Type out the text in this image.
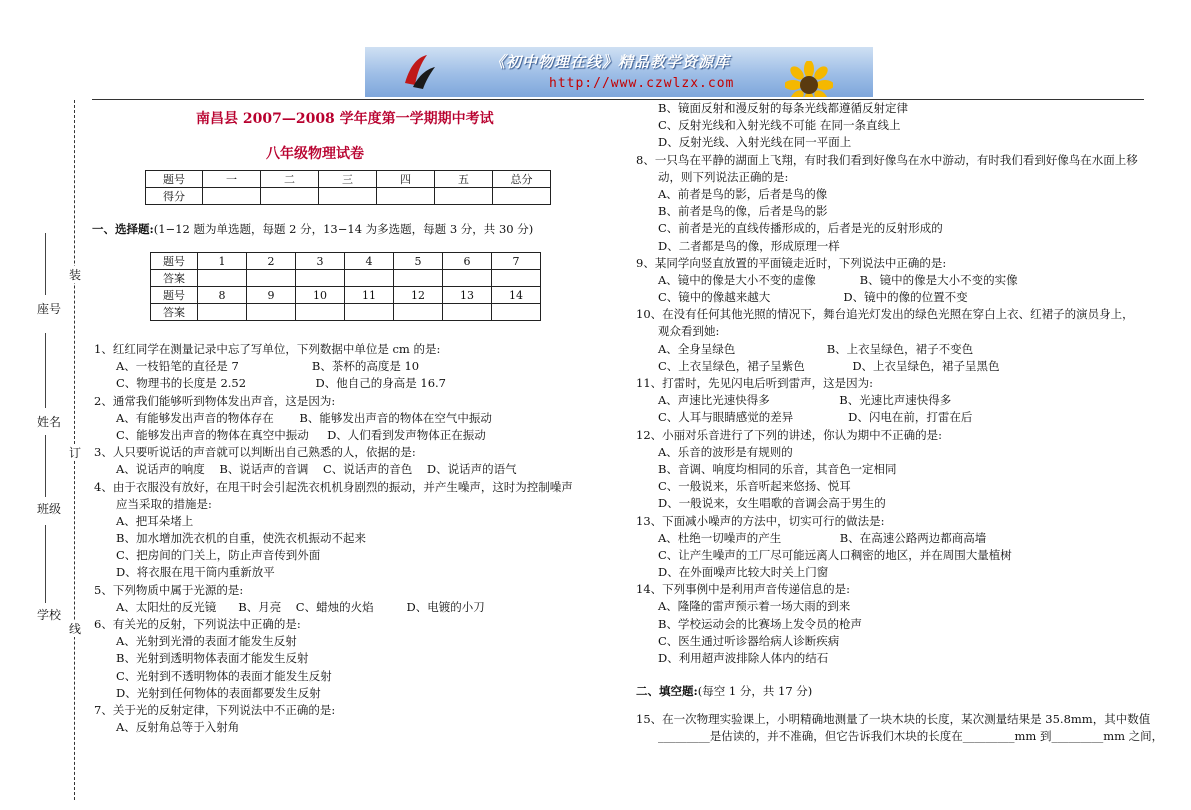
《初中物理在线》精品教学资源库
http://www.czwlzx.com
座号
姓名
班级
学校
装
订
线
南昌县 2007—2008 学年度第一学期期中考试
八年级物理试卷
题号	一	二	三	四	五	总分
得分						
一、选择题:(1−12 题为单选题，每题 2 分，13−14 为多选题，每题 3 分，共 30 分)
题号	1	2	3	4	5	6	7
答案							
题号	8	9	10	11	12	13	14
答案							
1、红红同学在测量记录中忘了写单位，下列数据中单位是 cm 的是:
A、一枝铅笔的直径是 7                    B、茶杯的高度是 10
C、物理书的长度是 2.52                   D、他自己的身高是 16.7
2、通常我们能够听到物体发出声音，这是因为:
A、有能够发出声音的物体存在       B、能够发出声音的物体在空气中振动
C、能够发出声音的物体在真空中振动     D、人们看到发声物体正在振动
3、人只要听说话的声音就可以判断出自己熟悉的人，依据的是:
A、说话声的响度    B、说话声的音调    C、说话声的音色    D、说话声的语气
4、由于衣服没有放好，在甩干时会引起洗衣机机身剧烈的振动，并产生噪声，这时为控制噪声
应当采取的措施是:
A、把耳朵堵上
B、加水增加洗衣机的自重，使洗衣机振动不起来
C、把房间的门关上，防止声音传到外面
D、将衣服在甩干筒内重新放平
5、下列物质中属于光源的是:
A、太阳灶的反光镜      B、月亮    C、蜡烛的火焰         D、电镀的小刀
6、有关光的反射，下列说法中正确的是:
A、光射到光滑的表面才能发生反射
B、光射到透明物体表面才能发生反射
C、光射到不透明物体的表面才能发生反射
D、光射到任何物体的表面都要发生反射
7、关于光的反射定律，下列说法中不正确的是:
A、反射角总等于入射角
B、镜面反射和漫反射的每条光线都遵循反射定律
C、反射光线和入射光线不可能 在同一条直线上
D、反射光线、入射光线在同一平面上
8、一只鸟在平静的湖面上飞翔，有时我们看到好像鸟在水中游动，有时我们看到好像鸟在水面上移
动，则下列说法正确的是:
A、前者是鸟的影，后者是鸟的像
B、前者是鸟的像，后者是鸟的影
C、前者是光的直线传播形成的，后者是光的反射形成的
D、二者都是鸟的像，形成原理一样
9、某同学向竖直放置的平面镜走近时，下列说法中正确的是:
A、镜中的像是大小不变的虚像            B、镜中的像是大小不变的实像
C、镜中的像越来越大                    D、镜中的像的位置不变
10、在没有任何其他光照的情况下，舞台追光灯发出的绿色光照在穿白上衣、红裙子的演员身上，
观众看到她:
A、全身呈绿色                         B、上衣呈绿色，裙子不变色
C、上衣呈绿色，裙子呈紫色             D、上衣呈绿色，裙子呈黑色
11、打雷时，先见闪电后听到雷声，这是因为:
A、声速比光速快得多                   B、光速比声速快得多
C、人耳与眼睛感觉的差异               D、闪电在前，打雷在后
12、小丽对乐音进行了下列的讲述，你认为期中不正确的是:
A、乐音的波形是有规则的
B、音调、响度均相同的乐音，其音色一定相同
C、一般说来，乐音听起来悠扬、悦耳
D、一般说来，女生唱歌的音调会高于男生的
13、下面减小噪声的方法中，切实可行的做法是:
A、杜绝一切噪声的产生                B、在高速公路两边都商高墙
C、让产生噪声的工厂尽可能远离人口稠密的地区，并在周围大量植树
D、在外面噪声比较大时关上门窗
14、下列事例中是利用声音传递信息的是:
A、隆隆的雷声预示着一场大雨的到来
B、学校运动会的比赛场上发令员的枪声
C、医生通过听诊器给病人诊断疾病
D、利用超声波排除人体内的结石
二、填空题:(每空 1 分，共 17 分)
15、在一次物理实验课上，小明精确地测量了一块木块的长度，某次测量结果是 35.8mm，其中数值
_________是估读的，并不准确，但它告诉我们木块的长度在_________mm 到_________mm 之间，
